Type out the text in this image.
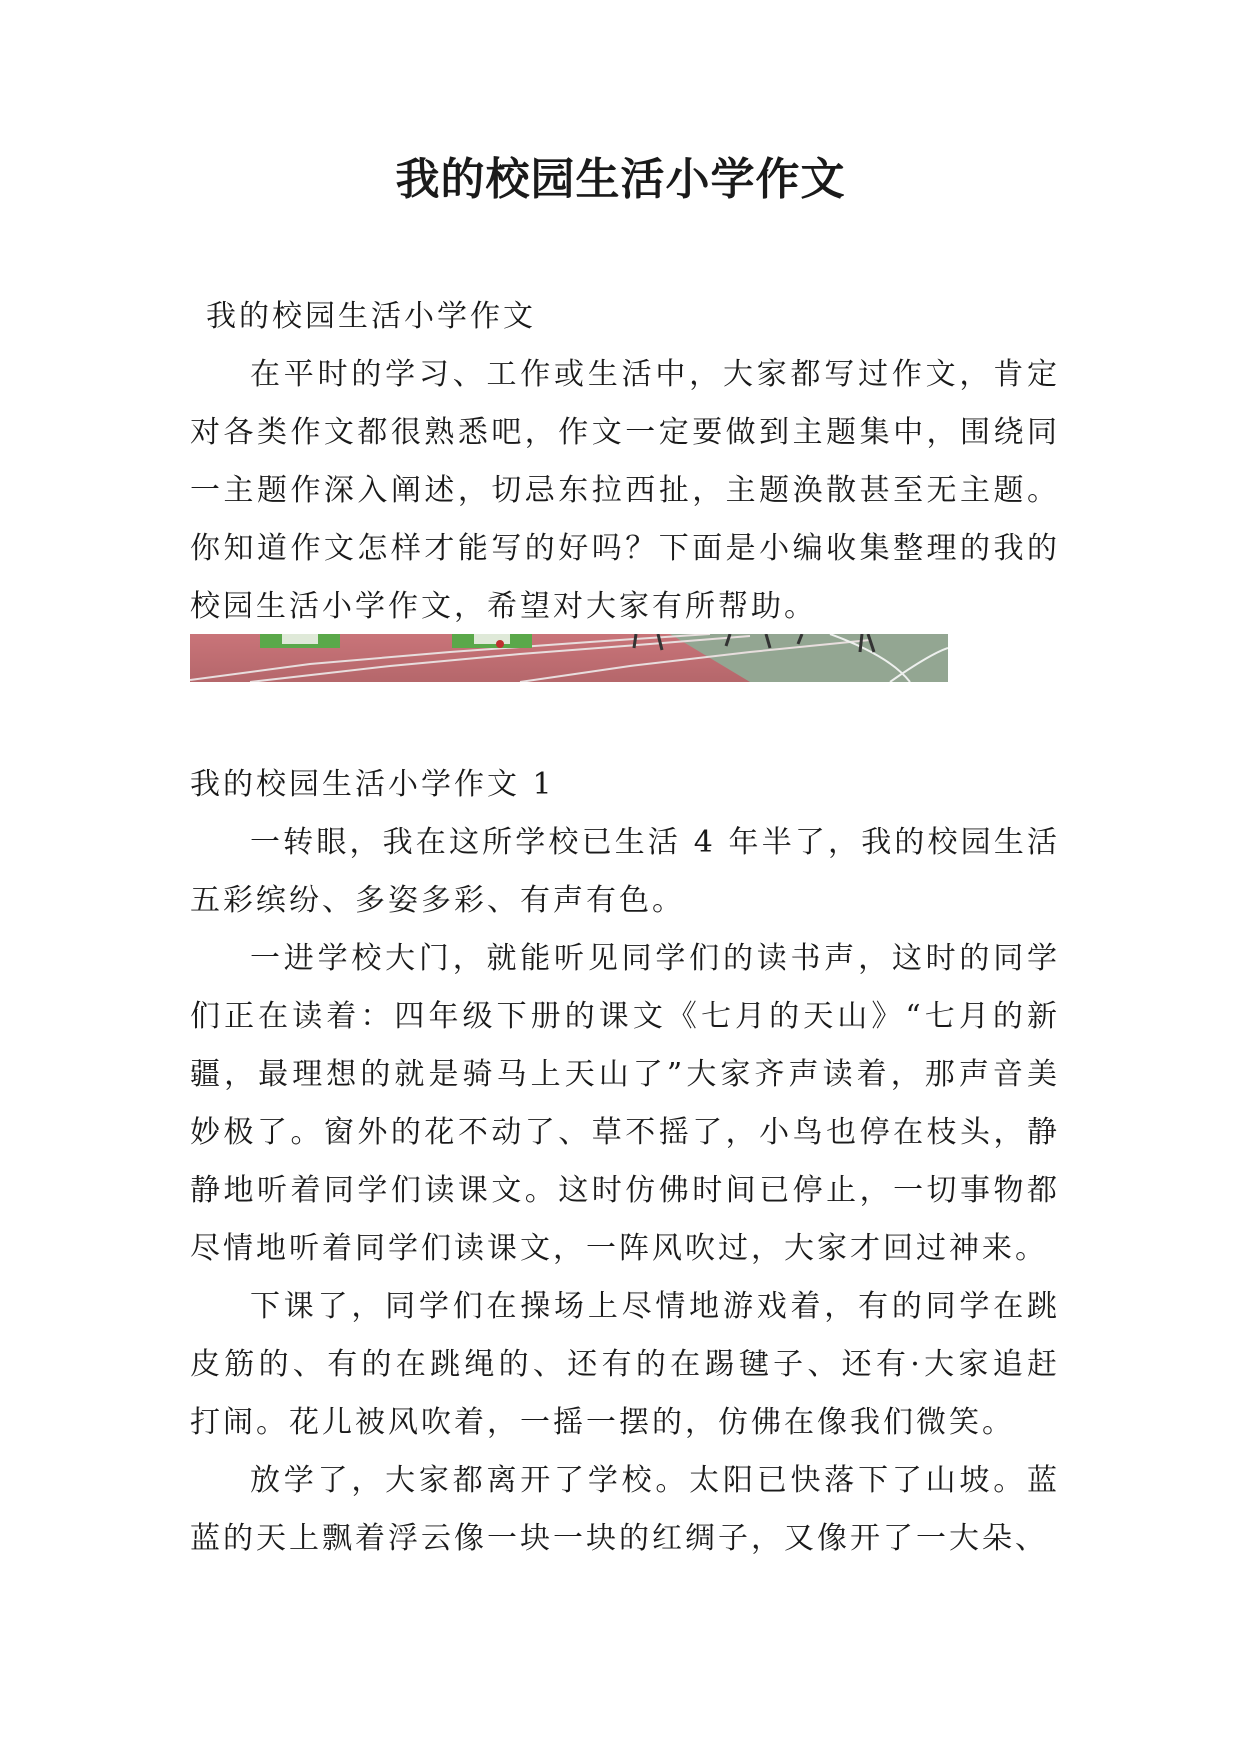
我的校园生活小学作文
我的校园生活小学作文

在平时的学习、工作或生活中，大家都写过作文，肯定对各类作文都很熟悉吧，作文一定要做到主题集中，围绕同一主题作深入阐述，切忌东拉西扯，主题涣散甚至无主题。你知道作文怎样才能写的好吗？下面是小编收集整理的我的校园生活小学作文，希望对大家有所帮助。

我的校园生活小学作文 1

一转眼，我在这所学校已生活 4 年半了，我的校园生活五彩缤纷、多姿多彩、有声有色。

一进学校大门，就能听见同学们的读书声，这时的同学们正在读着：四年级下册的课文《七月的天山》“七月的新疆，最理想的就是骑马上天山了”大家齐声读着，那声音美妙极了。窗外的花不动了、草不摇了，小鸟也停在枝头，静静地听着同学们读课文。这时仿佛时间已停止，一切事物都尽情地听着同学们读课文，一阵风吹过，大家才回过神来。

下课了，同学们在操场上尽情地游戏着，有的同学在跳皮筋的、有的在跳绳的、还有的在踢毽子、还有·大家追赶打闹。花儿被风吹着，一摇一摆的，仿佛在像我们微笑。

放学了，大家都离开了学校。太阳已快落下了山坡。蓝蓝的天上飘着浮云像一块一块的红绸子，又像开了一大朵、
